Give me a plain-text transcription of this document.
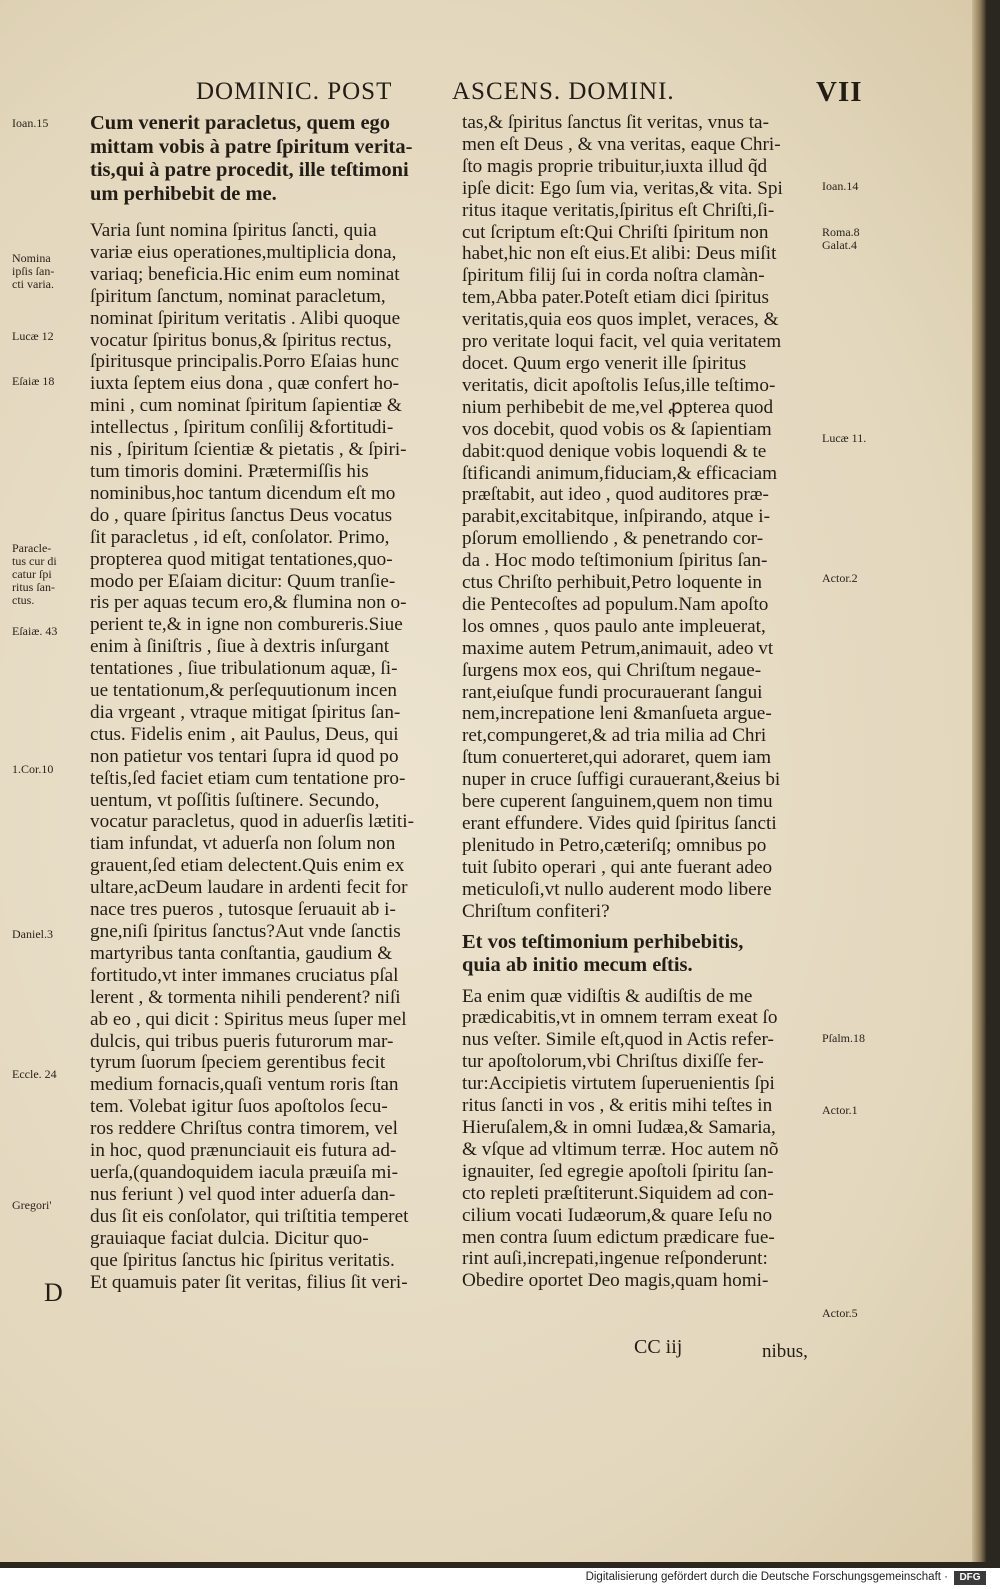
DOMINIC. POST ASCENS. DOMINI.	VII

Cum venerit paracletus, quem ego
mittam vobis à patre ſpiritum verita-
tis,qui à patre procedit, ille teſtimoni
um perhibebit de me.

Varia ſunt nomina ſpiritus ſancti, quia
variæ eius operationes,multiplicia dona,
variaq; beneficia.Hic enim eum nominat
ſpiritum ſanctum, nominat paracletum,
nominat ſpiritum veritatis . Alibi quoque
vocatur ſpiritus bonus,& ſpiritus rectus,
ſpiritusque principalis.Porro Eſaias hunc
iuxta ſeptem eius dona , quæ confert ho-
mini , cum nominat ſpiritum ſapientiæ &
intellectus , ſpiritum conſilij &fortitudi-
nis , ſpiritum ſcientiæ & pietatis , & ſpiri-
tum timoris domini. Prætermiſſis his
nominibus,hoc tantum dicendum eſt mo
do , quare ſpiritus ſanctus Deus vocatus
ſit paracletus , id eſt, conſolator. Primo,
propterea quod mitigat tentationes,quo-
modo per Eſaiam dicitur: Quum tranſie-
ris per aquas tecum ero,& flumina non o-
perient te,& in igne non combureris.Siue
enim à ſiniſtris , ſiue à dextris inſurgant
tentationes , ſiue tribulationum aquæ, ſi-
ue tentationum,& perſequutionum incen
dia vrgeant , vtraque mitigat ſpiritus ſan-
ctus. Fidelis enim , ait Paulus, Deus, qui
non patietur vos tentari ſupra id quod po
teſtis,ſed faciet etiam cum tentatione pro-
uentum, vt poſſitis ſuſtinere. Secundo,
vocatur paracletus, quod in aduerſis lætiti-
tiam infundat, vt aduerſa non ſolum non
grauent,ſed etiam delectent.Quis enim ex
ultare,acDeum laudare in ardenti fecit for
nace tres pueros , tutosque ſeruauit ab i-
gne,niſi ſpiritus ſanctus?Aut vnde ſanctis
martyribus tanta conſtantia, gaudium &
fortitudo,vt inter immanes cruciatus pſal
lerent , & tormenta nihili penderent? niſi
ab eo , qui dicit : Spiritus meus ſuper mel
dulcis, qui tribus pueris futurorum mar-
tyrum ſuorum ſpeciem gerentibus fecit
medium fornacis,quaſi ventum roris ſtan
tem. Volebat igitur ſuos apoſtolos ſecu-
ros reddere Chriſtus contra timorem, vel
in hoc, quod prænunciauit eis futura ad-
uerſa,(quandoquidem iacula præuiſa mi-
nus feriunt ) vel quod inter aduerſa dan-
dus ſit eis conſolator, qui triſtitia temperet
grauiaque faciat dulcia. Dicitur quo-
que ſpiritus ſanctus hic ſpiritus veritatis.
Et quamuis pater ſit veritas, filius ſit veri-

tas,& ſpiritus ſanctus ſit veritas, vnus ta-
men eſt Deus , & vna veritas, eaque Chri-
ſto magis proprie tribuitur,iuxta illud q̃d
ipſe dicit: Ego ſum via, veritas,& vita. Spi
ritus itaque veritatis,ſpiritus eſt Chriſti,ſi-
cut ſcriptum eſt:Qui Chriſti ſpiritum non
habet,hic non eſt eius.Et alibi: Deus miſit
ſpiritum filij ſui in corda noſtra clamàn-
tem,Abba pater.Poteſt etiam dici ſpiritus
veritatis,quia eos quos implet, veraces, &
pro veritate loqui facit, vel quia veritatem
docet. Quum ergo venerit ille ſpiritus
veritatis, dicit apoſtolis Ieſus,ille teſtimo-
nium perhibebit de me,vel ꝓpterea quod
vos docebit, quod vobis os & ſapientiam
dabit:quod denique vobis loquendi & te
ſtificandi animum,fiduciam,& efficaciam
præſtabit, aut ideo , quod auditores præ-
parabit,excitabitque, inſpirando, atque i-
pſorum emolliendo , & penetrando cor-
da . Hoc modo teſtimonium ſpiritus ſan-
ctus Chriſto perhibuit,Petro loquente in
die Pentecoſtes ad populum.Nam apoſto
los omnes , quos paulo ante impleuerat,
maxime autem Petrum,animauit, adeo vt
ſurgens mox eos, qui Chriſtum negaue-
rant,eiuſque fundi procurauerant ſangui
nem,increpatione leni &manſueta argue-
ret,compungeret,& ad tria milia ad Chri
ſtum conuerteret,qui adoraret, quem iam
nuper in cruce ſuffigi curauerant,&eius bi
bere cuperent ſanguinem,quem non timu
erant effundere. Vides quid ſpiritus ſancti
plenitudo in Petro,cæteriſq; omnibus po
tuit ſubito operari , qui ante fuerant adeo
meticuloſi,vt nullo auderent modo libere
Chriſtum confiteri?

Et vos teſtimonium perhibebitis,
quia ab initio mecum eſtis.

Ea enim quæ vidiſtis & audiſtis de me
prædicabitis,vt in omnem terram exeat ſo
nus veſter. Simile eſt,quod in Actis refer-
tur apoſtolorum,vbi Chriſtus dixiſſe fer-
tur:Accipietis virtutem ſuperuenientis ſpi
ritus ſancti in vos , & eritis mihi teſtes in
Hieruſalem,& in omni Iudæa,& Samaria,
& vſque ad vltimum terræ. Hoc autem nõ
ignauiter, ſed egregie apoſtoli ſpiritu ſan-
cto repleti præſtiterunt.Siquidem ad con-
cilium vocati Iudæorum,& quare Ieſu no
men contra ſuum edictum prædicare fue-
rint auſi,increpati,ingenue reſponderunt:
Obedire oportet Deo magis,quam homi-

Ioan.15
Nomina
ipſis ſan-
cti varia.
Lucæ 12
Eſaiæ 18
Paracle-
tus cur di
catur ſpi
ritus ſan-
ctus.
Eſaiæ. 43
1.Cor.10
Daniel.3
Eccle. 24
Gregori'
Ioan.14
Roma.8
Galat.4
Lucæ 11.
Actor.2
Pſalm.18
Actor.1
Actor.5
D
CC iij	nibus,
Digitalisierung gefördert durch die Deutsche Forschungsgemeinschaft ·	DFG
